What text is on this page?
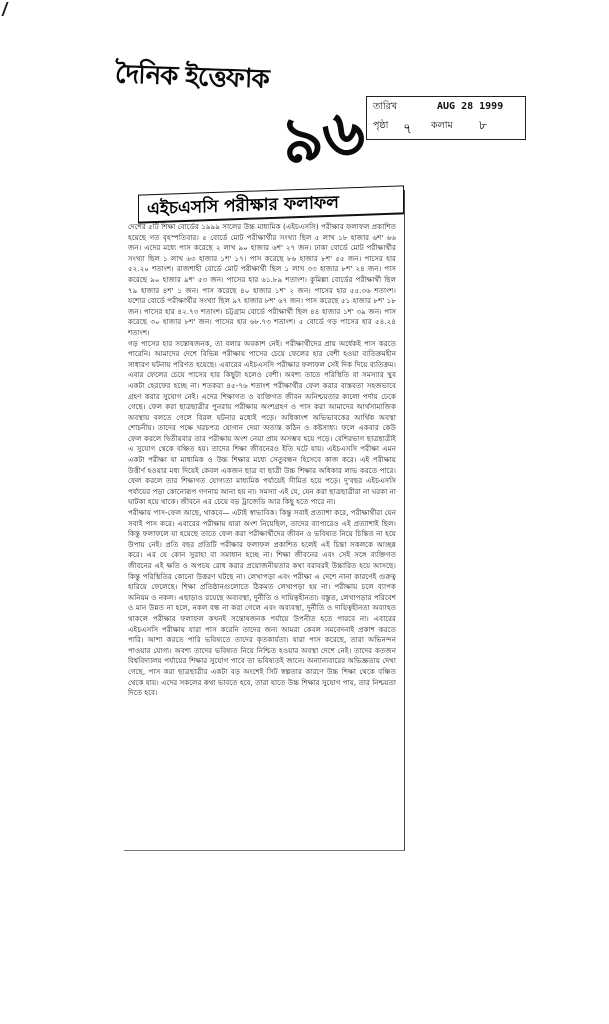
দৈনিক ইত্তেফাক
৯৬ তারিখ	AUG 28 1999
পৃষ্ঠা ৭ কলাম ৮
এইচএসসি পরীক্ষার ফলাফল

দেশের ৫টি শিক্ষা বোর্ডের ১৯৯৯ সালের উচ্চ মাধ্যমিক (এইচএসসি) পরীক্ষার ফলাফল প্রকাশিত হয়েছে গত বৃহস্পতিবার। ৫ বোর্ডে মোট পরীক্ষার্থীর সংখ্যা ছিল ৫ লাখ ১৮ হাজার ৬শ' ৬৬ জন। এদের মধ্যে পাস করেছে ২ লাখ ৯০ হাজার ৬শ' ২৭ জন। ঢাকা বোর্ডে মোট পরীক্ষার্থীর সংখ্যা ছিল ১ লাখ ৬৩ হাজার ১শ' ১৭। পাস করেছে ৮৬ হাজার ৮শ' ৫৫ জন। পাসের হার ৫২.২০ শতাংশ। রাজশাহী বোর্ডে মোট পরীক্ষার্থী ছিল ১ লাখ ৩৩ হাজার ৮শ' ২৪ জন। পাস করেছে ৯০ হাজার ৯শ' ৫৩ জন। পাসের হার ৬১.৮৯ শতাংশ। কুমিল্লা বোর্ডের পরীক্ষার্থী ছিল ৭৯ হাজার ৪শ' ১ জন। পাস করেছে ৪০ হাজার ১শ' ২ জন। পাসের হার ৫৫.৩৬ শতাংশ। যশোর বোর্ডে পরীক্ষার্থীর সংখ্যা ছিল ৯৭ হাজার ৮শ' ৬৭ জন। পাস করেছে ৫১ হাজার ৮শ' ১৮ জন। পাসের হার ৪২.৭৩ শতাংশ। চট্টগ্রাম বোর্ডে পরীক্ষার্থী ছিল ৪৪ হাজার ১শ' ৩৯ জন। পাস করেছে ৩০ হাজার ৮শ' জন। পাসের হার ৬৮.৭৩ শতাংশ। ৫ বোর্ডে গড় পাসের হার ৫৪.২৪ শতাংশ।

গড় পাসের হার সন্তোষজনক, তা বলার অবকাশ নেই। পরীক্ষার্থীদের প্রায় অর্ধেকই পাস করতে পারেনি। আমাদের দেশে বিভিন্ন পরীক্ষায় পাসের চেয়ে ফেলের হার বেশী হওয়া ব্যতিক্রমহীন সাধারণ ঘটনায় পরিণত হয়েছে। এবারের এইচএসসি পরীক্ষার ফলাফল সেই দিক দিয়ে ব্যতিক্রম। এবার ফেলের চেয়ে পাসের হার কিছুটা হলেও বেশী। অবশ্য তাতে পরিস্থিতি বা সমস্যার খুব একটা হেরফের হচ্ছে না। শতকরা ৪৫-৭৬ শতাংশ পরীক্ষার্থীর ফেল করার বাস্তবতা সহজভাবে গ্রহণ করার সুযোগ নেই। এদের শিক্ষাগত ও ব্যক্তিগত জীবন অনিশ্চয়তার কালো পর্দায় ঢেকে গেছে। ফেল করা ছাত্রছাত্রীর পুনরায় পরীক্ষায় অংশগ্রহণ ও পাস করা আমাদের আর্থসামাজিক অবস্থায় বলতে গেলে বিরল ঘটনার মধ্যেই পড়ে। অধিকাংশ অভিভাবকের আর্থিক অবস্থা শোচনীয়। তাদের পক্ষে খরচপত্র যোগান দেয়া অত্যন্ত কঠিন ও কষ্টসাধ্য। ফলে একবার কেউ ফেল করলে দ্বিতীয়বার তার পরীক্ষায় অংশ নেয়া প্রায় অসম্ভব হয়ে পড়ে। বেশিরভাগ ছাত্রছাত্রীই এ সুযোগ থেকে বঞ্চিত হয়। তাদের শিক্ষা জীবনেরও ইতি ঘটে যায়। এইচএসসি পরীক্ষা এমন একটা পরীক্ষা যা মাধ্যমিক ও উচ্চ শিক্ষার মধ্যে সেতুবন্ধন হিসেবে কাজ করে। এই পরীক্ষায় উত্তীর্ণ হওয়ার মধ্য দিয়েই কেবল একজন ছাত্র বা ছাত্রী উচ্চ শিক্ষার অধিকার লাভ করতে পারে। ফেল করলে তার শিক্ষাগত যোগ্যতা মাধ্যমিক পর্যায়েই সীমিত হয়ে পড়ে। দু'বছর এইচএসসি পর্যায়ের পড়া কোনোরূপ গণনায় আনা হয় না। সমস্যা এই যে, যেন করা ছাত্রছাত্রীরা না ঘরকা না ঘাটকা হয়ে থাকে। জীবনে এর চেয়ে বড় ট্রাজেডি আর কিছু হতে পারে না।

পরীক্ষায় পাস-ফেল আছে, থাকবে— এটাই স্বাভাবিক। কিন্তু সবাই প্রত্যাশা করে, পরীক্ষার্থীরা যেন সবাই পাস করে। এবারের পরীক্ষায় যারা অংশ নিয়েছিল, তাদের ব্যাপারেও এই প্রত্যাশাই ছিল। কিন্তু ফলাফলে যা হয়েছে তাতে ফেল করা পরীক্ষার্থীদের জীবন ও ভবিষ্যত নিয়ে চিন্তিত না হয়ে উপায় নেই। প্রতি বছর প্রতিটি পরীক্ষার ফলাফল প্রকাশিত হলেই এই চিন্তা সকলকে আচ্ছন্ন করে। এর যে কোন সুরাহা বা সমাধান হচ্ছে না। শিক্ষা জীবনের এবং সেই সঙ্গে ব্যক্তিগত জীবনের এই ক্ষতি ও অপচয় রোধ করার প্রয়োজনীয়তার কথা বরাবরই উচ্চারিত হয়ে আসছে। কিন্তু পরিস্থিতির কোনো উত্তরণ ঘটছে না। লেখাপড়া এবং পরীক্ষা এ দেশে নানা কারণেই গুরুত্ব হারিয়ে ফেলেছে। শিক্ষা প্রতিষ্ঠানগুলোতে ঠিকমত লেখাপড়া হয় না। পরীক্ষায় চলে ব্যাপক অনিয়ম ও নকল। এছাড়াও রয়েছে অব্যবস্থা, দুর্নীতি ও দায়িত্বহীনতা। বস্তুত, লেখাপড়ার পরিবেশ ও মান উন্নত না হলে, নকল বন্ধ না করা গেলে এবং অব্যবস্থা, দুর্নীতি ও দায়িত্বহীনতা অব্যাহত থাকলে পরীক্ষার ফলাফল কখনই সন্তোষজনক পর্যায়ে উপনীত হতে পারবে না। এবারের এইচএসসি পরীক্ষায় যারা পাস করেনি তাদের জন্য আমরা কেবল সমবেদনাই প্রকাশ করতে পারি। আশা করতে পারি ভবিষ্যতে তাদের কৃতকার্যতা। যারা পাস করেছে, তারা অভিনন্দন পাওয়ার যোগ্য। অবশ্য তাদের ভবিষ্যত নিয়ে নিশ্চিত হওয়ার অবস্থা দেশে নেই। তাদের কতজন বিশ্ববিদ্যালয় পর্যায়ের শিক্ষার সুযোগ পাবে তা ভবিষ্যতই জানে। অন্যান্যবারের অভিজ্ঞতায় দেখা গেছে, পাস করা ছাত্রছাত্রীর একটা বড় অংশেই সিট স্বল্পতার কারণে উচ্চ শিক্ষা থেকে বঞ্চিত থেকে যায়। এদের সকলের কথা ভাবতে হবে, তারা যাতে উচ্চ শিক্ষার সুযোগ পায়, তার নিশ্চয়তা দিতে হবে।
